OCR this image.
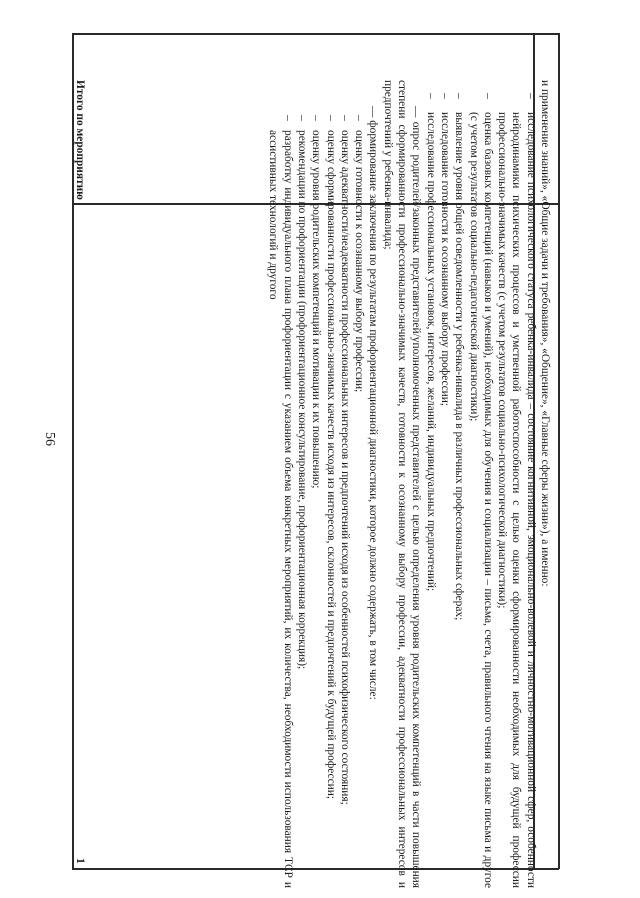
56	и применение знаний», «Общие задачи и требования», «Общение», «Главные сферы жизни»), а именно:

–
исследование психологического статуса ребенка-инвалида – состояние когнитивной, эмоционально-волевой и личностно-мотивационной сфер, особенности нейродинамики психических процессов и умственной работоспособности с целью оценки сформированности необходимых для будущей профессии профессионально-значимых качеств (с учетом результатов социально-психологической диагностики);
–
оценка базовых компетенций (навыков и умений), необходимых для обучения и социализации – письма, счета, правильного чтения на языке письма и другое (с учетом результатов социально-педагогической диагностики);
–
выявление уровня общей осведомленности у ребенка-инвалида в различных профессиональных сферах;
–
исследование готовности к осознанному выбору профессии;
–
исследование профессиональных установок, интересов, желаний, индивидуальных предпочтений;

— опрос родителей/законных представителей/уполномоченных представителей с целью определения уровня родительских компетенций в части повышения степени сформированности профессионально-значимых качеств, готовности к осознанному выбору профессии, адекватности профессиональных интересов и предпочтений у ребенка-инвалида;

— формирование заключения по результатам профориентационной диагностики, которое должно содержать, в том числе:

–
оценку готовности к осознанному выбору профессии;
–
оценку адекватности/неадекватности профессиональных интересов и предпочтений исходя из особенностей психофизического состояния;
–
оценку сформированности профессионально-значимых качеств исходя из интересов, склонностей и предпочтений к будущей профессии;
–
оценку уровня родительских компетенций и мотивации к их повышению;
–
рекомендации по профориентации (профориентационное консультирование, профориентационная коррекция);
–
разработку индивидуального плана профориентации с указанием объема конкретных мероприятий, их количества, необходимости использования ТСР и ассистивных технологий и другого
Итого по мероприятию
1
